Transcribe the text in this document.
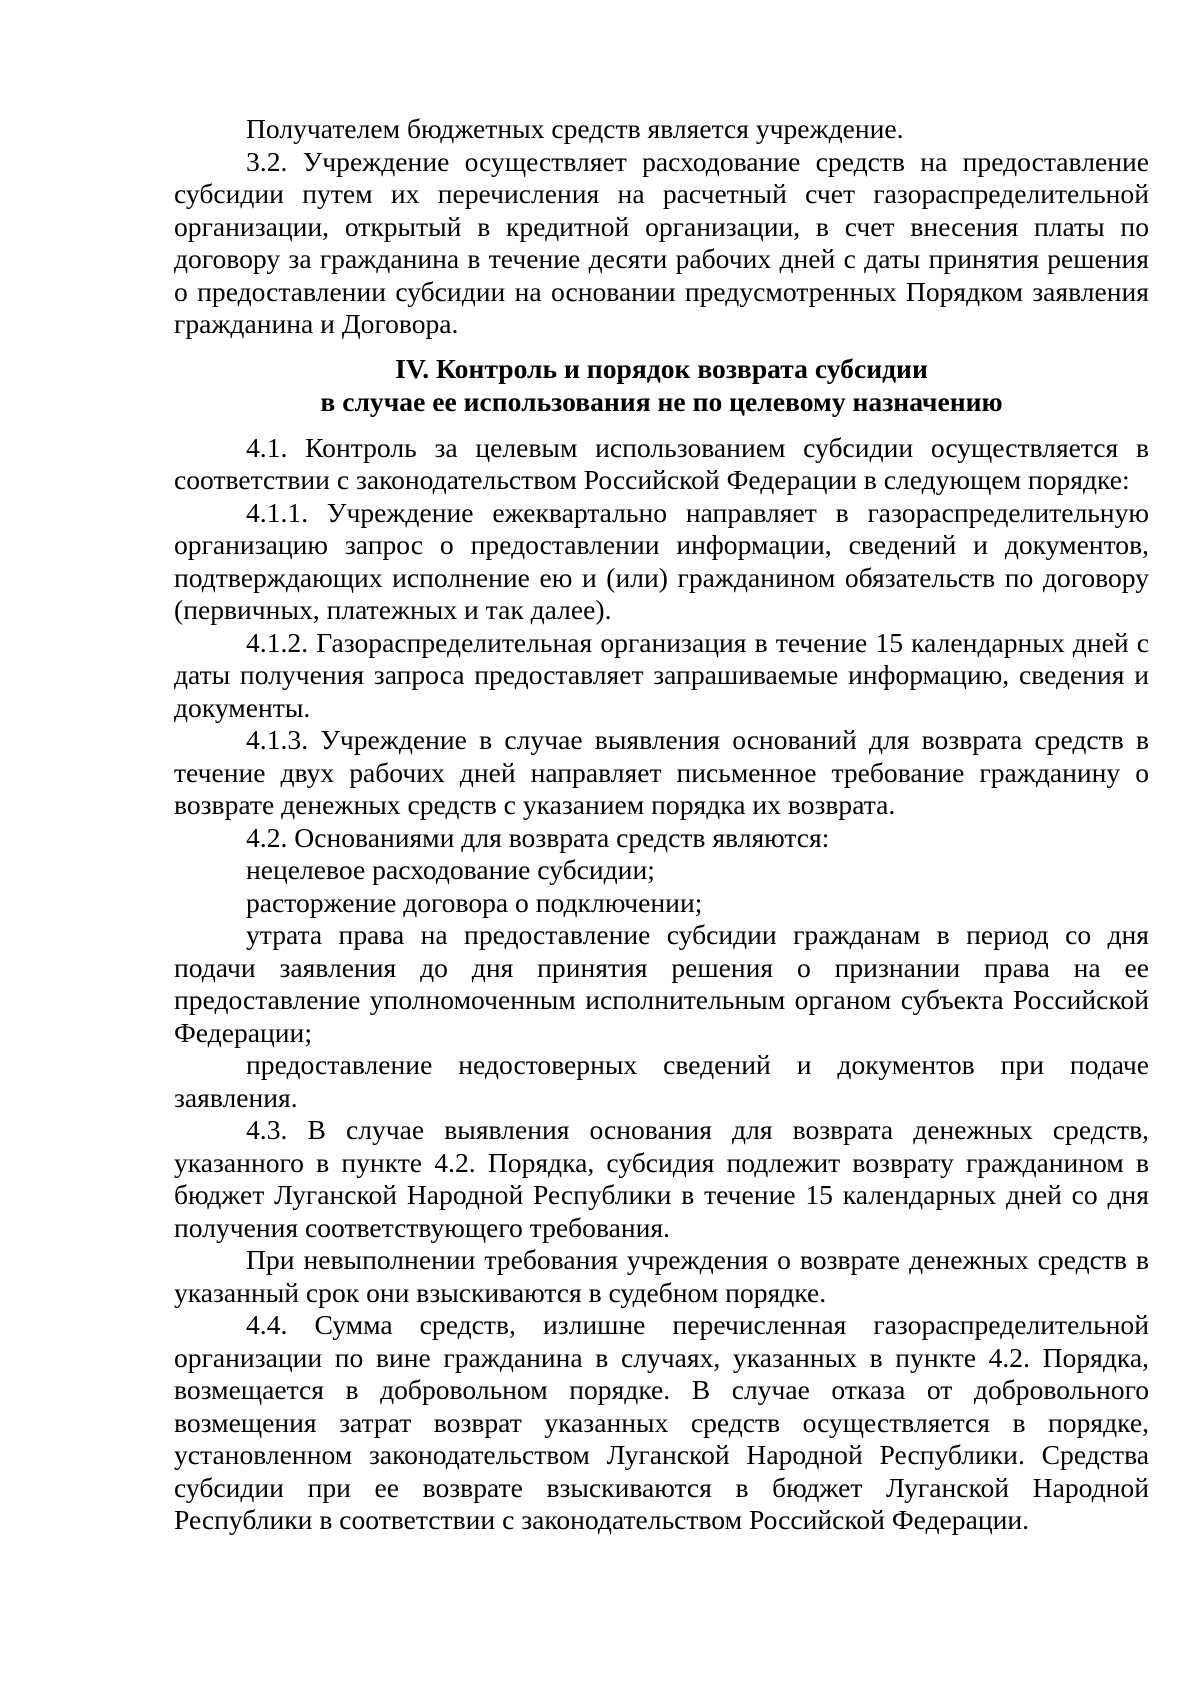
Получателем бюджетных средств является учреждение.

3.2. Учреждение осуществляет расходование средств на предоставление субсидии путем их перечисления на расчетный счет газораспределительной организации, открытый в кредитной организации, в счет внесения платы по договору за гражданина в течение десяти рабочих дней с даты принятия решения о предоставлении субсидии на основании предусмотренных Порядком заявления гражданина и Договора.

IV. Контроль и порядок возврата субсидии
в случае ее использования не по целевому назначению

4.1. Контроль за целевым использованием субсидии осуществляется в соответствии с законодательством Российской Федерации в следующем порядке:

4.1.1. Учреждение ежеквартально направляет в газораспределительную организацию запрос о предоставлении информации, сведений и документов, подтверждающих исполнение ею и (или) гражданином обязательств по договору (первичных, платежных и так далее).

4.1.2. Газораспределительная организация в течение 15 календарных дней с даты получения запроса предоставляет запрашиваемые информацию, сведения и документы.

4.1.3. Учреждение в случае выявления оснований для возврата средств в течение двух рабочих дней направляет письменное требование гражданину о возврате денежных средств с указанием порядка их возврата.

4.2. Основаниями для возврата средств являются:

нецелевое расходование субсидии;

расторжение договора о подключении;

утрата права на предоставление субсидии гражданам в период со дня подачи заявления до дня принятия решения о признании права на ее предоставление уполномоченным исполнительным органом субъекта Российской Федерации;

предоставление недостоверных сведений и документов при подаче заявления.

4.3. В случае выявления основания для возврата денежных средств, указанного в пункте 4.2. Порядка, субсидия подлежит возврату гражданином в бюджет Луганской Народной Республики в течение 15 календарных дней со дня получения соответствующего требования.

При невыполнении требования учреждения о возврате денежных средств в указанный срок они взыскиваются в судебном порядке.

4.4. Сумма средств, излишне перечисленная газораспределительной организации по вине гражданина в случаях, указанных в пункте 4.2. Порядка, возмещается в добровольном порядке. В случае отказа от добровольного возмещения затрат возврат указанных средств осуществляется в порядке, установленном законодательством Луганской Народной Республики. Средства субсидии при ее возврате взыскиваются в бюджет Луганской Народной Республики в соответствии с законодательством Российской Федерации.
